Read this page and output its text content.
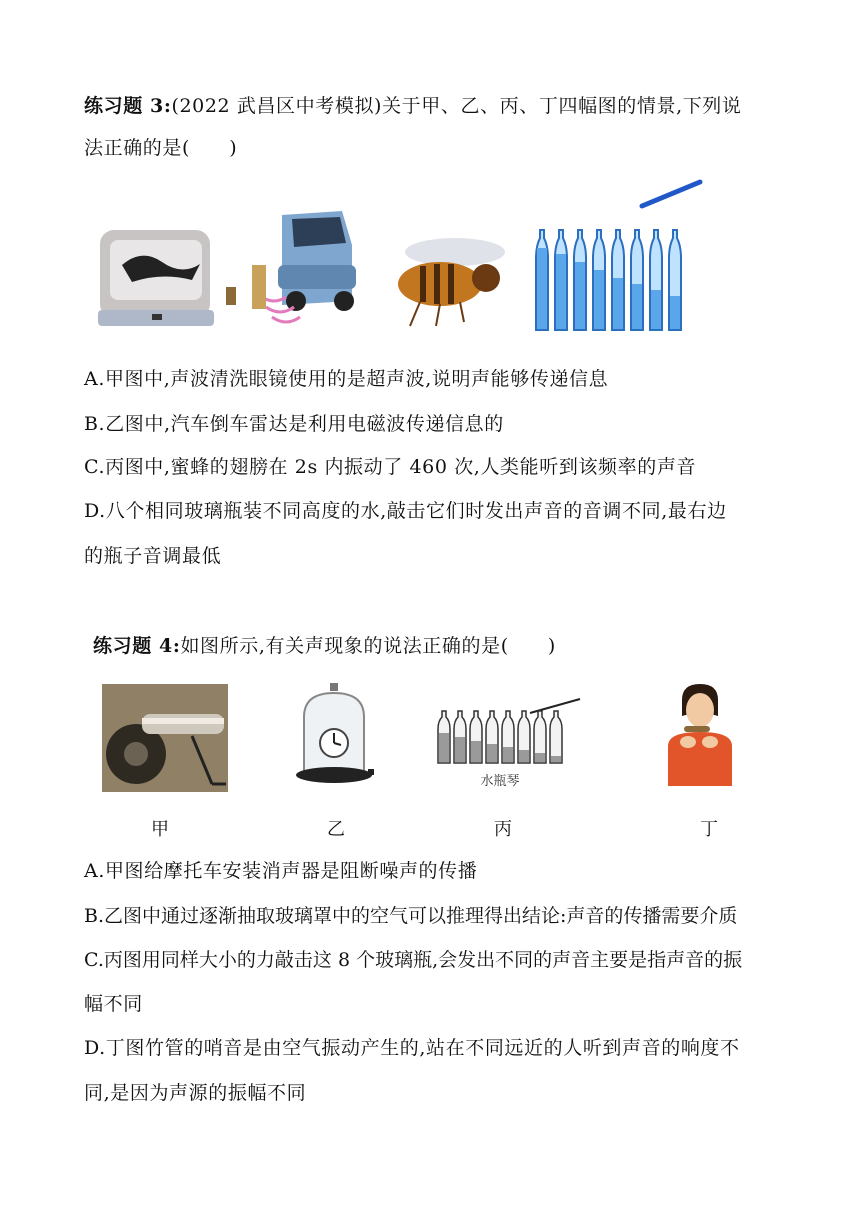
练习题 3:(2022 武昌区中考模拟)关于甲、乙、丙、丁四幅图的情景,下列说
法正确的是(　　)
A.甲图中,声波清洗眼镜使用的是超声波,说明声能够传递信息
B.乙图中,汽车倒车雷达是利用电磁波传递信息的
C.丙图中,蜜蜂的翅膀在 2s 内振动了 460 次,人类能听到该频率的声音
D.八个相同玻璃瓶装不同高度的水,敲击它们时发出声音的音调不同,最右边
的瓶子音调最低
练习题 4:如图所示,有关声现象的说法正确的是(　　)
水瓶琴
甲	乙	丙	丁
A.甲图给摩托车安装消声器是阻断噪声的传播
B.乙图中通过逐渐抽取玻璃罩中的空气可以推理得出结论:声音的传播需要介质
C.丙图用同样大小的力敲击这 8 个玻璃瓶,会发出不同的声音主要是指声音的振
幅不同
D.丁图竹管的哨音是由空气振动产生的,站在不同远近的人听到声音的响度不
同,是因为声源的振幅不同
